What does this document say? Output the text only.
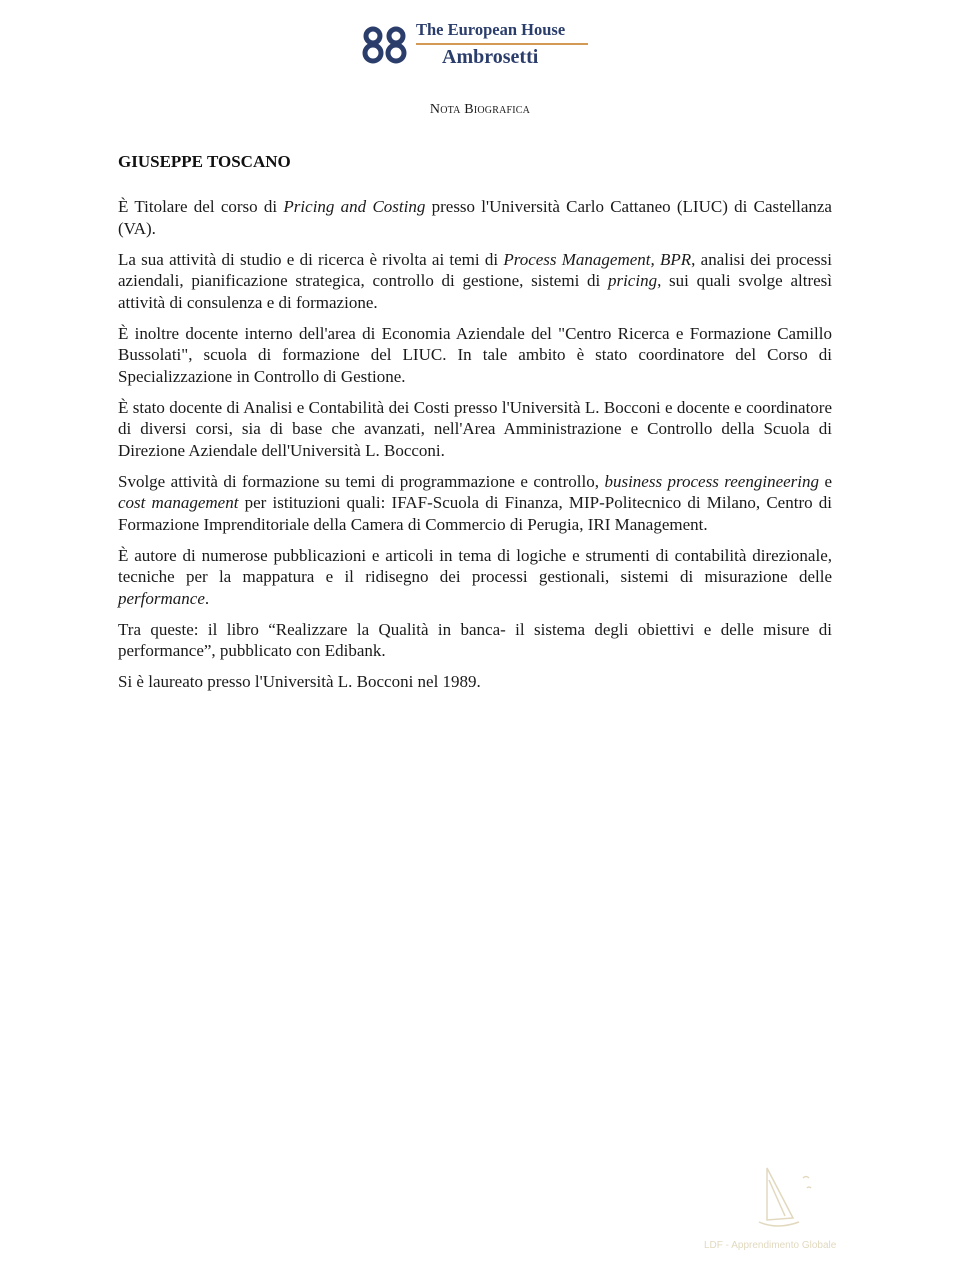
The European House
Ambrosetti
Nota Biografica
GIUSEPPE TOSCANO

È Titolare del corso di Pricing and Costing presso l'Università Carlo Cattaneo (LIUC) di Castellanza (VA).

La sua attività di studio e di ricerca è rivolta ai temi di Process Management, BPR, analisi dei processi aziendali, pianificazione strategica, controllo di gestione, sistemi di pricing, sui quali svolge altresì attività di consulenza e di formazione.

È inoltre docente interno dell'area di Economia Aziendale del "Centro Ricerca e Formazione Camillo Bussolati", scuola di formazione del LIUC. In tale ambito è stato coordinatore del Corso di Specializzazione in Controllo di Gestione.

È stato docente di Analisi e Contabilità dei Costi presso l'Università L. Bocconi e docente e coordinatore di diversi corsi, sia di base che avanzati, nell'Area Amministrazione e Controllo della Scuola di Direzione Aziendale dell'Università L. Bocconi.

Svolge attività di formazione su temi di programmazione e controllo, business process reengineering e cost management per istituzioni quali: IFAF-Scuola di Finanza, MIP-Politecnico di Milano, Centro di Formazione Imprenditoriale della Camera di Commercio di Perugia, IRI Management.

È autore di numerose pubblicazioni e articoli in tema di logiche e strumenti di contabilità direzionale, tecniche per la mappatura e il ridisegno dei processi gestionali, sistemi di misurazione delle performance.

Tra queste: il libro “Realizzare la Qualità in banca- il sistema degli obiettivi e delle misure di performance”, pubblicato con Edibank.

Si è laureato presso l'Università L. Bocconi nel 1989.

LDF - Apprendimento Globale
